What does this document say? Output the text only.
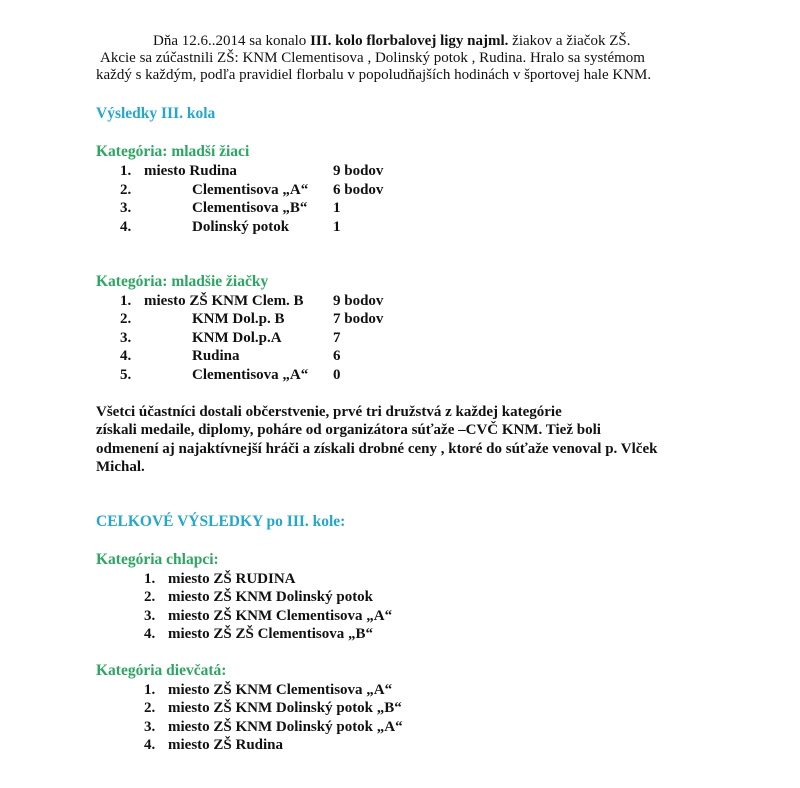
Dňa 12.6..2014 sa konalo III. kolo florbalovej ligy najml. žiakov a žiačok ZŠ.
Akcie sa zúčastnili ZŠ: KNM Clementisova , Dolinský potok , Rudina. Hralo sa systémom
každý s každým, podľa pravidiel florbalu v popoludňajších hodinách v športovej hale KNM.
Výsledky III. kola
Kategória: mladší žiaci
1. miesto Rudina	9 bodov
2.	Clementisova „A“ 6 bodov
3.	Clementisova „B“ 1
4.	Dolinský potok	1
Kategória: mladšie žiačky
1. miesto ZŠ KNM Clem. B 9 bodov
2.	KNM Dol.p. B	7 bodov
3.	KNM Dol.p.A	7
4.	Rudina	6
5.	Clementisova „A“ 0
Všetci účastníci dostali občerstvenie, prvé tri družstvá z každej kategórie
získali medaile, diplomy, poháre od organizátora súťaže –CVČ KNM. Tiež boli
odmenení aj najaktívnejší hráči a získali drobné ceny , ktoré do súťaže venoval p. Vlček
Michal.
CELKOVÉ VÝSLEDKY po III. kole:
Kategória chlapci:
1. miesto ZŠ RUDINA
2. miesto ZŠ KNM Dolinský potok
3. miesto ZŠ KNM Clementisova „A“
4. miesto ZŠ ZŠ Clementisova „B“
Kategória dievčatá:
1. miesto ZŠ KNM Clementisova „A“
2. miesto ZŠ KNM Dolinský potok „B“
3. miesto ZŠ KNM Dolinský potok „A“
4. miesto ZŠ Rudina
